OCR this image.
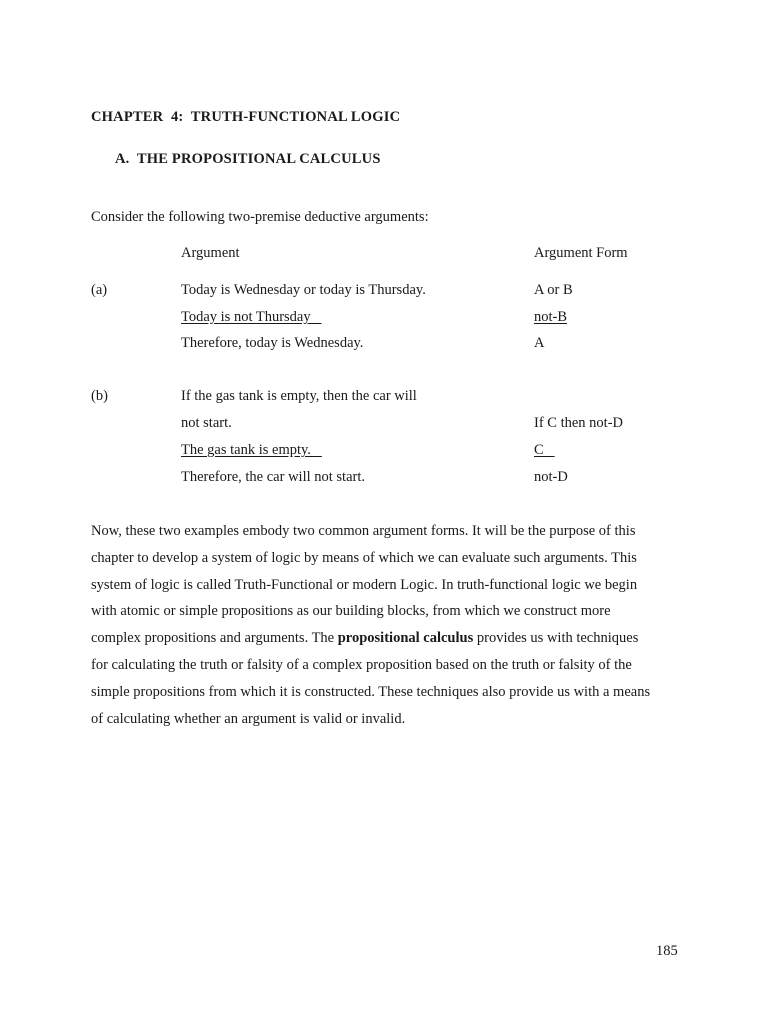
CHAPTER  4:  TRUTH-FUNCTIONAL LOGIC
A.  THE PROPOSITIONAL CALCULUS
Consider the following two-premise deductive arguments:
Argument	Argument Form
(a)	Today is Wednesday or today is Thursday.	A or B
Today is not Thursday	not-B
Therefore, today is Wednesday.	A
(b)	If the gas tank is empty, then the car will
not start.	If C then not-D
The gas tank is empty.	C
Therefore, the car will not start.	not-D
Now, these two examples embody two common argument forms. It will be the purpose of this
chapter to develop a system of logic by means of which we can evaluate such arguments. This
system of logic is called Truth-Functional or modern Logic. In truth-functional logic we begin
with atomic or simple propositions as our building blocks, from which we construct more
complex propositions and arguments. The propositional calculus provides us with techniques
for calculating the truth or falsity of a complex proposition based on the truth or falsity of the
simple propositions from which it is constructed. These techniques also provide us with a means
of calculating whether an argument is valid or invalid.
185
